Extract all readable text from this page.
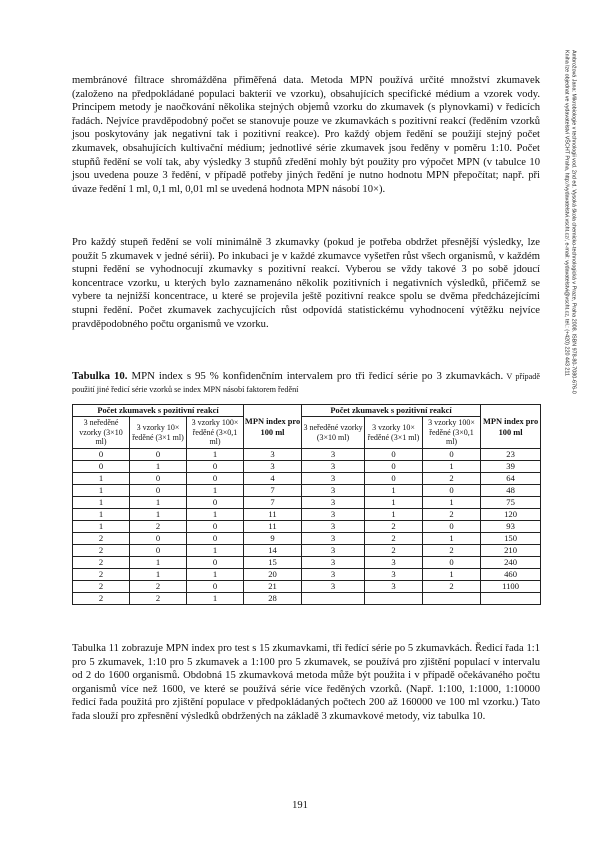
membránové filtrace shromážděna přiměřená data. Metoda MPN používá určité množství zkumavek (založeno na předpokládané populaci bakterií ve vzorku), obsahujících specifické médium a vzorek vody. Principem metody je naočkování několika stejných objemů vzorku do zkumavek (s plynovkami) v ředicích řadách. Nejvíce pravděpodobný počet se stanovuje pouze ve zkumavkách s pozitivní reakcí (ředěním vzorků jsou poskytovány jak negativní tak i pozitivní reakce). Pro každý objem ředění se použijí stejný počet zkumavek, obsahujících kultivační médium; jednotlivé série zkumavek jsou ředěny v poměru 1:10. Počet stupňů ředění se volí tak, aby výsledky 3 stupňů zředění mohly být použity pro výpočet MPN (v tabulce 10 jsou uvedena pouze 3 ředění, v případě potřeby jiných ředění je nutno hodnotu MPN přepočítat; např. při úvaze ředění 1 ml, 0,1 ml, 0,01 ml se uvedená hodnota MPN násobí 10×).

Pro každý stupeň ředění se volí minimálně 3 zkumavky (pokud je potřeba obdržet přesnější výsledky, lze použít 5 zkumavek v jedné sérii). Po inkubaci je v každé zkumavce vyšetřen růst všech organismů, v každém stupni ředění se vyhodnocují zkumavky s pozitivní reakcí. Vyberou se vždy takové 3 po sobě jdoucí koncentrace vzorku, u kterých bylo zaznamenáno několik pozitivních i negativních výsledků, přičemž se vybere ta nejnižší koncentrace, u které se projevila ještě pozitivní reakce spolu se dvěma předcházejícími stupni ředění. Počet zkumavek zachycujících růst odpovídá statistickému vyhodnocení výtěžku nejvíce pravděpodobného počtu organismů ve vzorku.

Tabulka 10. MPN index s 95 % konfidenčním intervalem pro tři ředicí série po 3 zkumavkách. V případě použití jiné ředicí série vzorků se index MPN násobí faktorem ředění
Počet zkumavek s pozitivní reakcí			MPN index pro 100 ml	Počet zkumavek s pozitivní reakcí			MPN index pro 100 ml
3 neředěné vzorky (3×10 ml)	3 vzorky 10× ředěné (3×1 ml)	3 vzorky 100× ředěné (3×0,1 ml)		3 neředěné vzorky (3×10 ml)	3 vzorky 10× ředěné (3×1 ml)	3 vzorky 100× ředěné (3×0,1 ml)	
0	0	1	3	3	0	0	23
0	1	0	3	3	0	1	39
1	0	0	4	3	0	2	64
1	0	1	7	3	1	0	48
1	1	0	7	3	1	1	75
1	1	1	11	3	1	2	120
1	2	0	11	3	2	0	93
2	0	0	9	3	2	1	150
2	0	1	14	3	2	2	210
2	1	0	15	3	3	0	240
2	1	1	20	3	3	1	460
2	2	0	21	3	3	2	1100
2	2	1	28				

Tabulka 11 zobrazuje MPN index pro test s 15 zkumavkami, tři ředící série po 5 zkumavkách. Ředicí řada 1:1 pro 5 zkumavek, 1:10 pro 5 zkumavek a 1:100 pro 5 zkumavek, se používá pro zjištění populací v intervalu od 2 do 1600 organismů. Obdobná 15 zkumavková metoda může být použita i v případě očekávaného počtu organismů více než 1600, ve které se používá série více ředěných vzorků. (Např. 1:100, 1:1000, 1:10000 ředicí řada použitá pro zjištění populace v předpokládaných počtech 200 až 160000 ve 100 ml vzorku.) Tato řada slouží pro zpřesnění výsledků obdržených na základě 3 zkumavkové metody, viz tabulka 10.

191
Ambrožová Jana: Mikrobiologie v technologii vod. 2nd ed. Vysoká škola chemicko-technologická v Praze, Praha 2008. ISBN 978-80-7080-676-0
Kniha lze objednat ve vydavatelství VŠCHT Praha, http://vydavatelstvi.vscht.cz/, e-mail: vydavatelstvi@vscht.cz, tel.: (+420) 220 443 211
